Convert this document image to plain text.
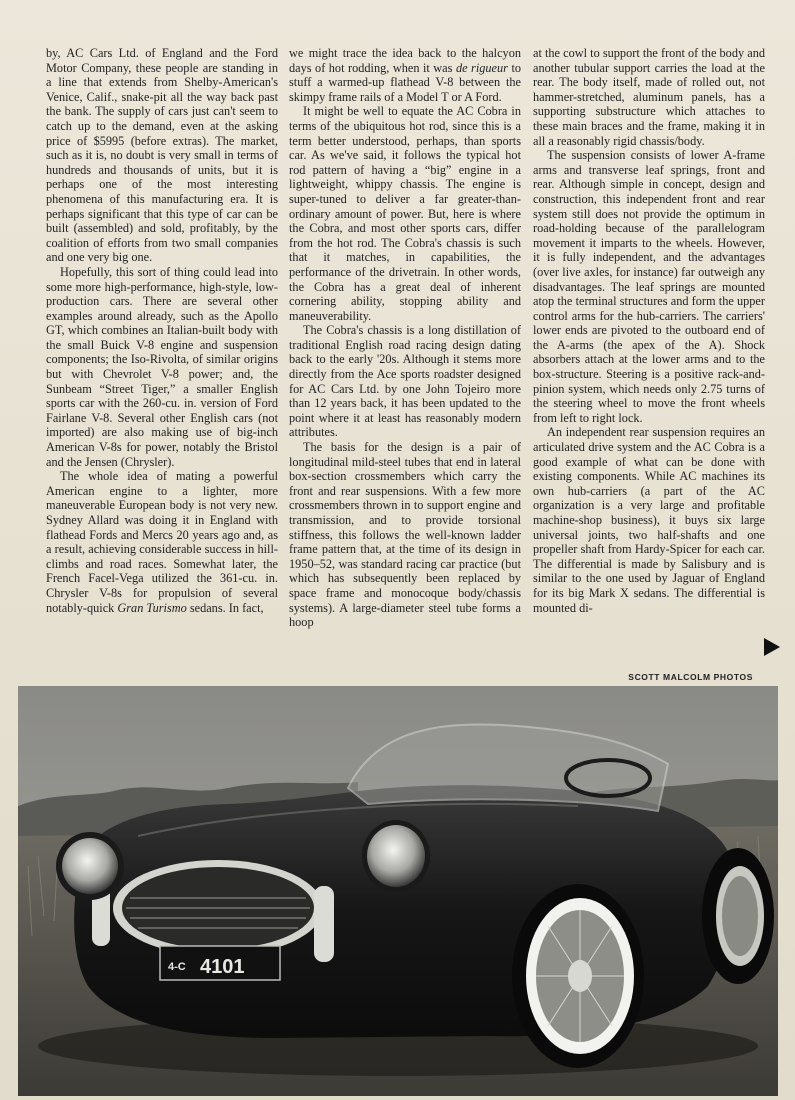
by, AC Cars Ltd. of England and the Ford Motor Company, these people are standing in a line that extends from Shelby-American's Venice, Calif., snake-pit all the way back past the bank. The supply of cars just can't seem to catch up to the demand, even at the asking price of $5995 (before extras). The market, such as it is, no doubt is very small in terms of hundreds and thousands of units, but it is perhaps one of the most interesting phenomena of this manufacturing era. It is perhaps significant that this type of car can be built (assembled) and sold, profitably, by the coalition of efforts from two small companies and one very big one.

Hopefully, this sort of thing could lead into some more high-performance, high-style, low-production cars. There are several other examples around already, such as the Apollo GT, which combines an Italian-built body with the small Buick V-8 engine and suspension components; the Iso-Rivolta, of similar origins but with Chevrolet V-8 power; and, the Sunbeam “Street Tiger,” a smaller English sports car with the 260-cu. in. version of Ford Fairlane V-8. Several other English cars (not imported) are also making use of big-inch American V-8s for power, notably the Bristol and the Jensen (Chrysler).

The whole idea of mating a powerful American engine to a lighter, more maneuverable European body is not very new. Sydney Allard was doing it in England with flathead Fords and Mercs 20 years ago and, as a result, achieving considerable success in hill-climbs and road races. Somewhat later, the French Facel-Vega utilized the 361-cu. in. Chrysler V-8s for propulsion of several notably-quick Gran Turismo sedans. In fact,

we might trace the idea back to the halcyon days of hot rodding, when it was de rigueur to stuff a warmed-up flathead V-8 between the skimpy frame rails of a Model T or A Ford.

It might be well to equate the AC Cobra in terms of the ubiquitous hot rod, since this is a term better understood, perhaps, than sports car. As we've said, it follows the typical hot rod pattern of having a “big” engine in a lightweight, whippy chassis. The engine is super-tuned to deliver a far greater-than-ordinary amount of power. But, here is where the Cobra, and most other sports cars, differ from the hot rod. The Cobra's chassis is such that it matches, in capabilities, the performance of the drivetrain. In other words, the Cobra has a great deal of inherent cornering ability, stopping ability and maneuverability.

The Cobra's chassis is a long distillation of traditional English road racing design dating back to the early '20s. Although it stems more directly from the Ace sports roadster designed for AC Cars Ltd. by one John Tojeiro more than 12 years back, it has been updated to the point where it at least has reasonably modern attributes.

The basis for the design is a pair of longitudinal mild-steel tubes that end in lateral box-section crossmembers which carry the front and rear suspensions. With a few more crossmembers thrown in to support engine and transmission, and to provide torsional stiffness, this follows the well-known ladder frame pattern that, at the time of its design in 1950–52, was standard racing car practice (but which has subsequently been replaced by space frame and monocoque body/chassis systems). A large-diameter steel tube forms a hoop

at the cowl to support the front of the body and another tubular support carries the load at the rear. The body itself, made of rolled out, not hammer-stretched, aluminum panels, has a supporting substructure which attaches to these main braces and the frame, making it in all a reasonably rigid chassis/body.

The suspension consists of lower A-frame arms and transverse leaf springs, front and rear. Although simple in concept, design and construction, this independent front and rear system still does not provide the optimum in road-holding because of the parallelogram movement it imparts to the wheels. However, it is fully independent, and the advantages (over live axles, for instance) far outweigh any disadvantages. The leaf springs are mounted atop the terminal structures and form the upper control arms for the hub-carriers. The carriers' lower ends are pivoted to the outboard end of the A-arms (the apex of the A). Shock absorbers attach at the lower arms and to the box-structure. Steering is a positive rack-and-pinion system, which needs only 2.75 turns of the steering wheel to move the front wheels from left to right lock.

An independent rear suspension requires an articulated drive system and the AC Cobra is a good example of what can be done with existing components. While AC machines its own hub-carriers (a part of the AC organization is a very large and profitable machine-shop business), it buys six large universal joints, two half-shafts and one propeller shaft from Hardy-Spicer for each car. The differential is made by Salisbury and is similar to the one used by Jaguar of England for its big Mark X sedans. The differential is mounted di-

SCOTT MALCOLM PHOTOS
4-C 4101
